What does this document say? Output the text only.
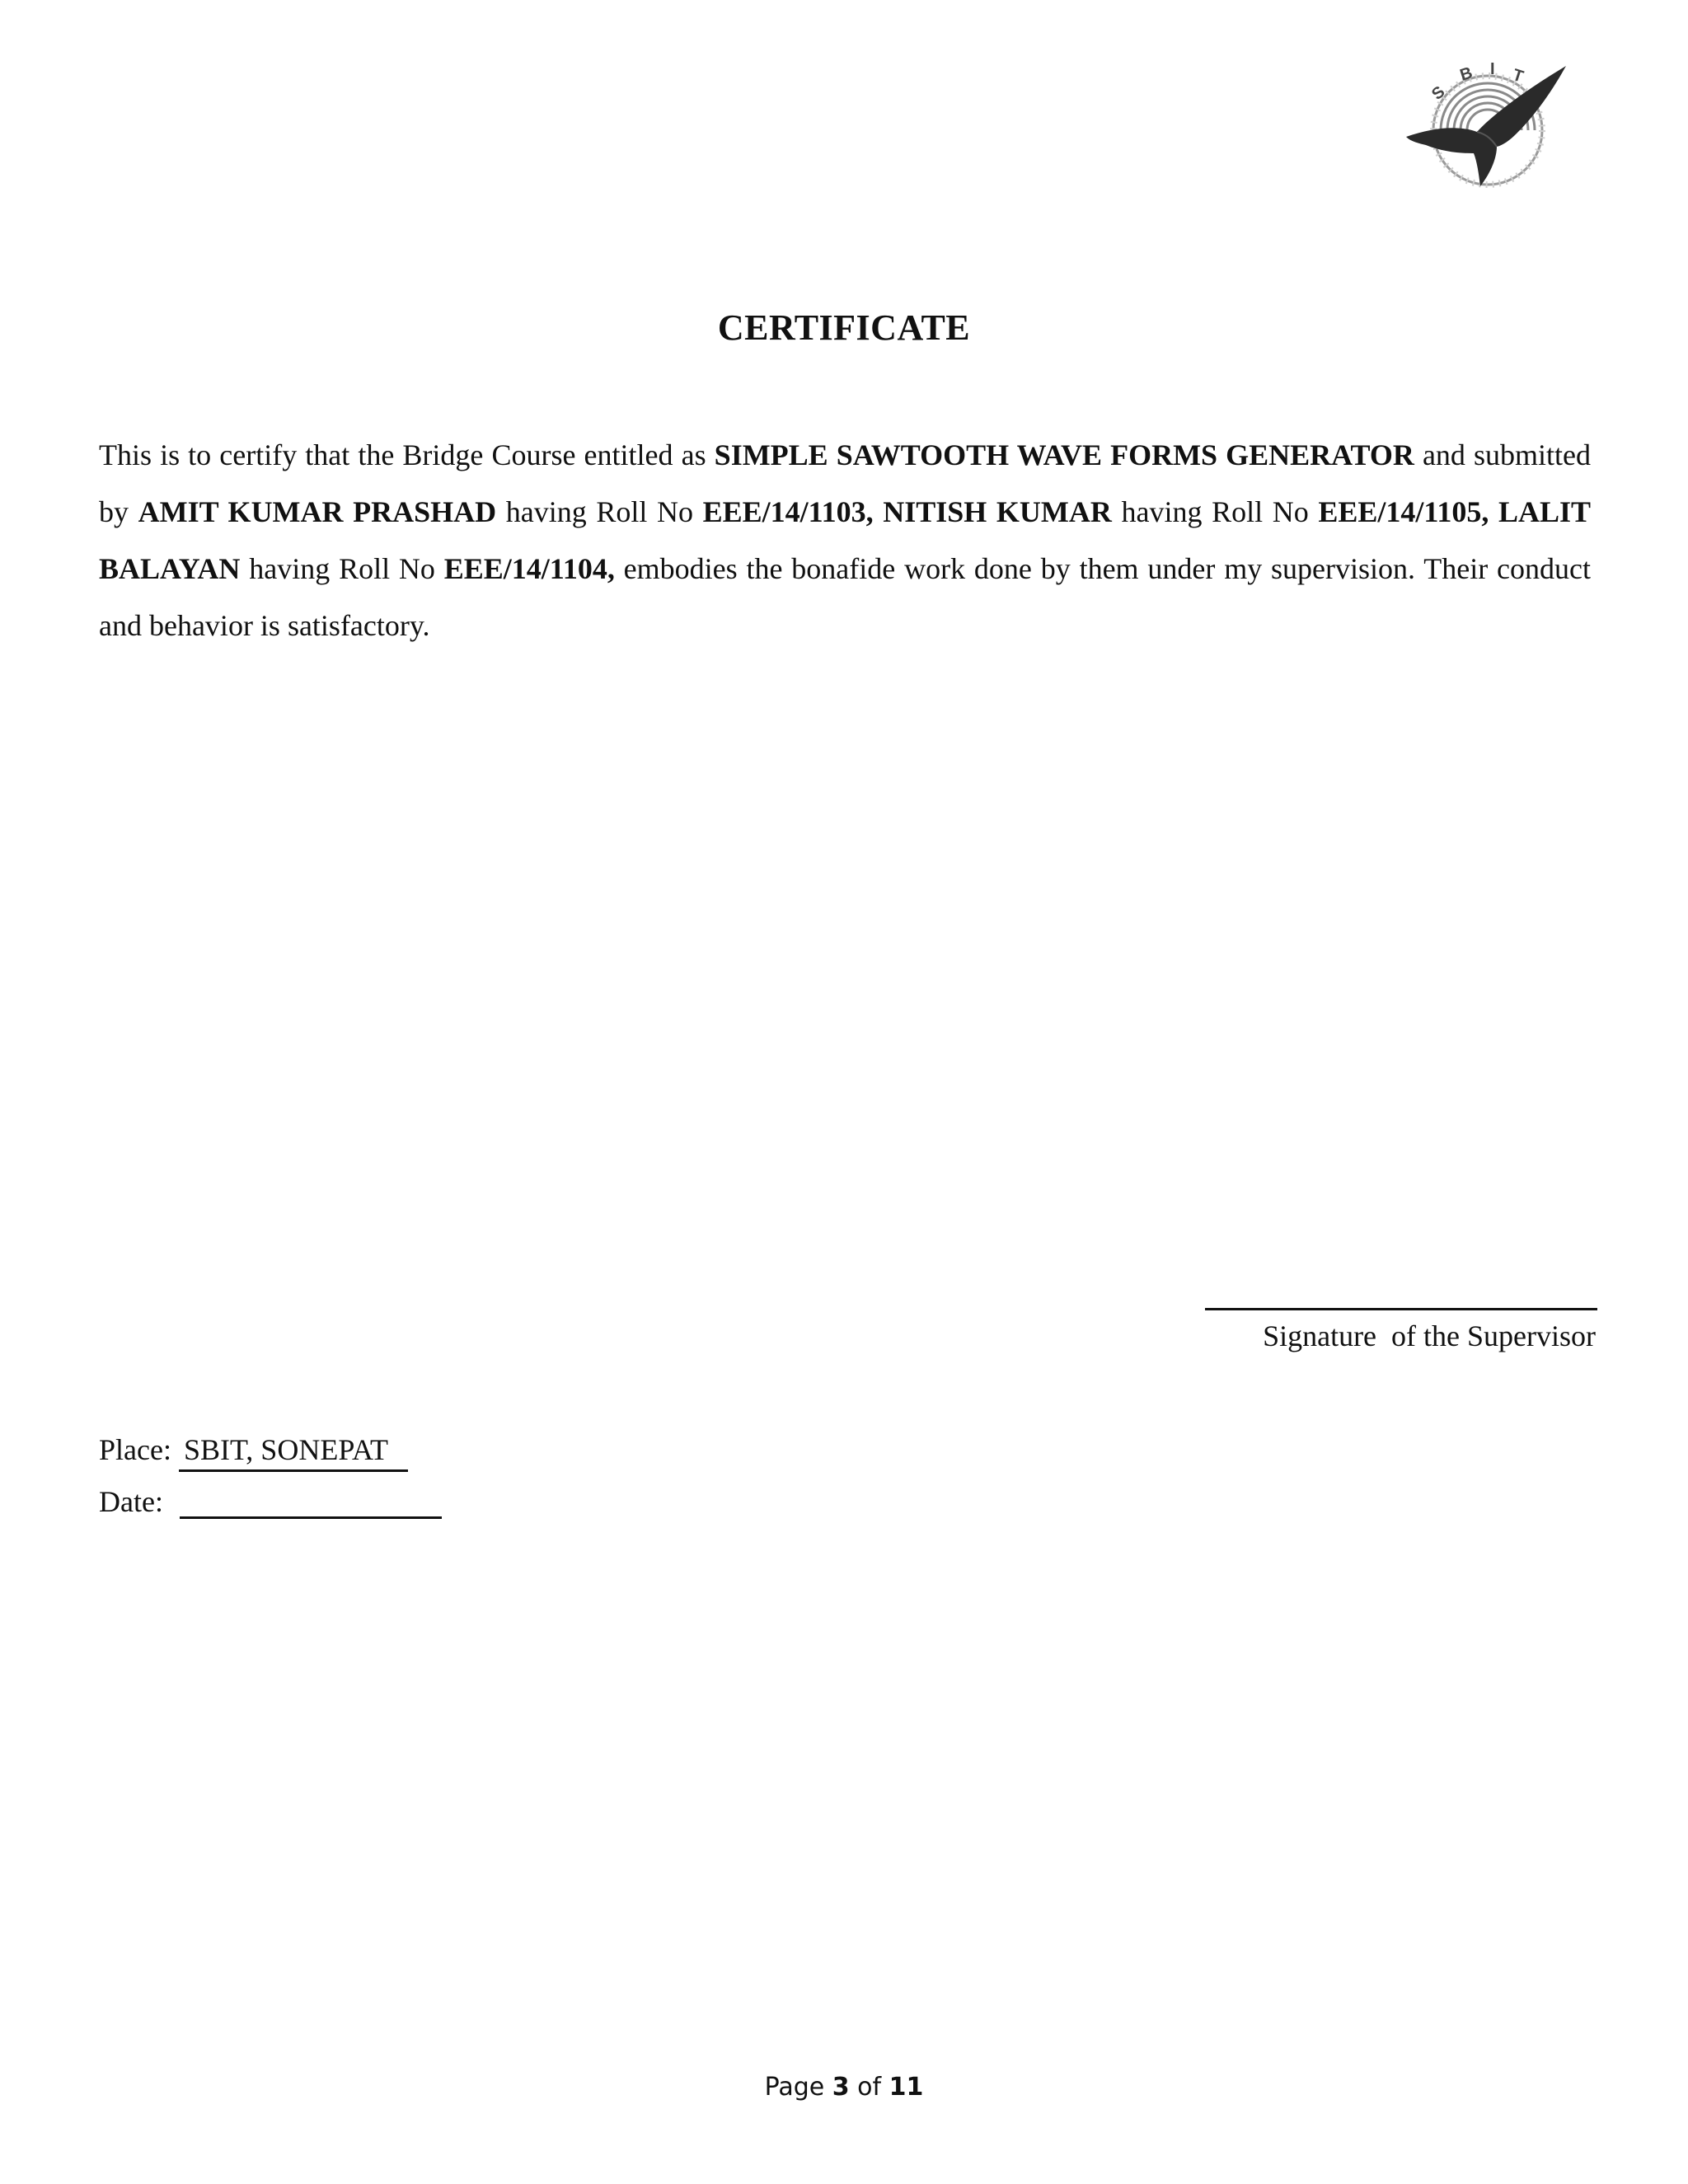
S
B I T
CERTIFICATE
This is to certify that the Bridge Course entitled as SIMPLE SAWTOOTH WAVE FORMS GENERATOR and submitted by AMIT KUMAR PRASHAD having Roll No EEE/14/1103, NITISH KUMAR having Roll No EEE/14/1105, LALIT BALAYAN having Roll No EEE/14/1104, embodies the bonafide work done by them under my supervision. Their conduct and behavior is satisfactory.
Signature  of the Supervisor
Place: SBIT, SONEPAT
Date:
Page 3 of 11
